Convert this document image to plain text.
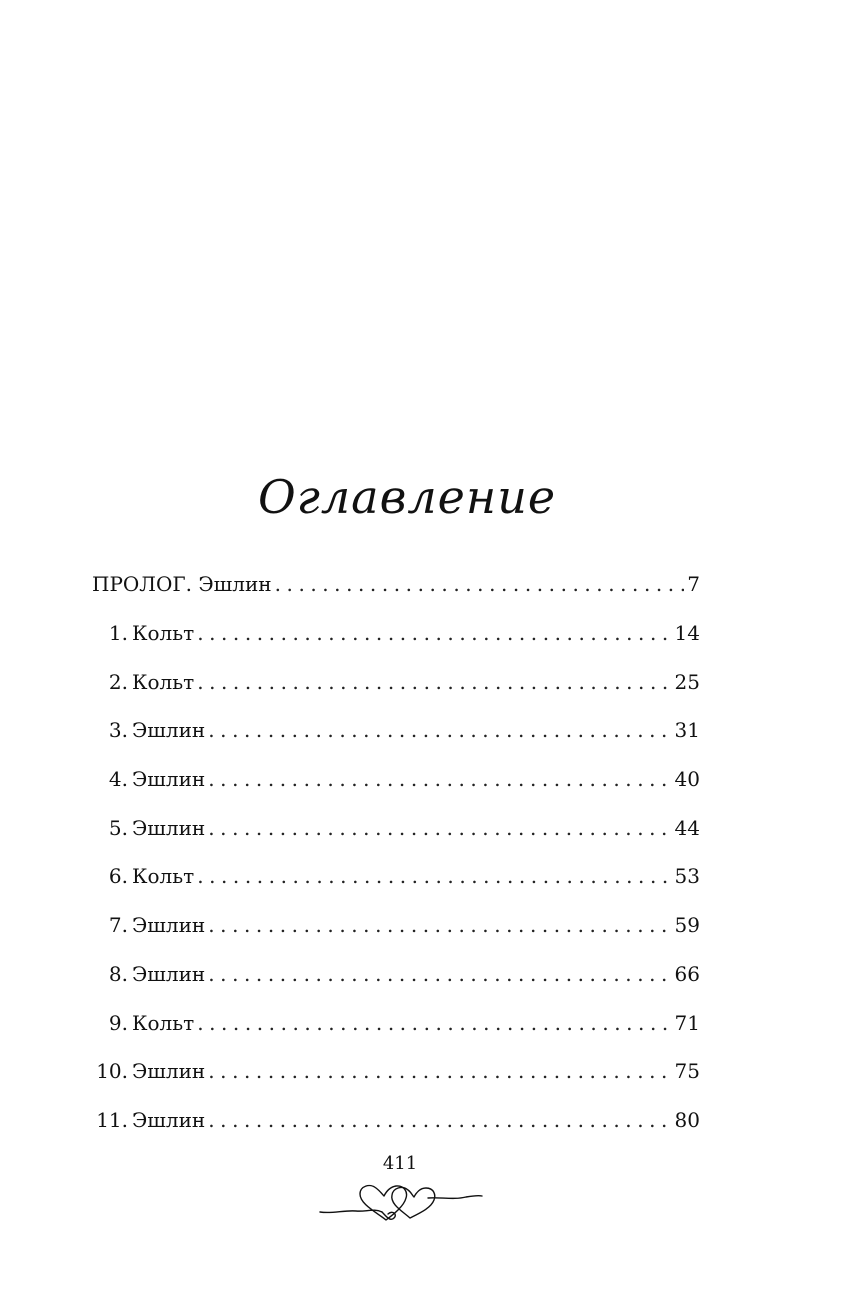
Оглавление
ПРОЛОГ. Эшлин . . .	7
1. Кольт . . .	14
2. Кольт . . .	25
3. Эшлин . . .	31
4. Эшлин . . .	40
5. Эшлин . . .	44
6. Кольт . . .	53
7. Эшлин . . .	59
8. Эшлин . . .	66
9. Кольт . . .	71
10. Эшлин . . .	75
11. Эшлин . . .	80
411
